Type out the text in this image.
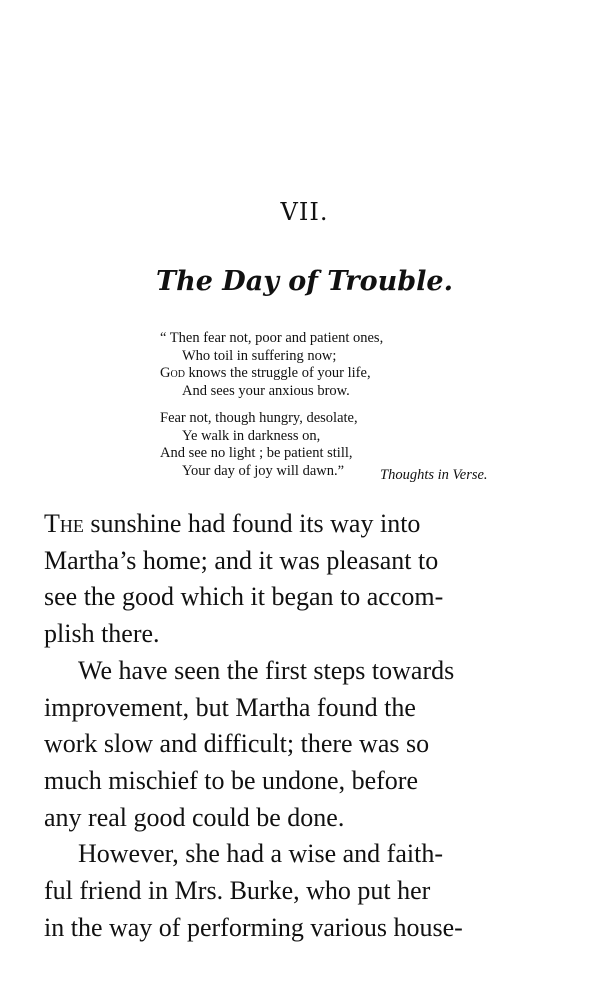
VII.
The Day of Trouble.
“ Then fear not, poor and patient ones,
Who toil in suffering now;
God knows the struggle of your life,
And sees your anxious brow.
Fear not, though hungry, desolate,
Ye walk in darkness on,
And see no light ; be patient still,
Your day of joy will dawn.”	Thoughts in Verse.
The sunshine had found its way into
Martha’s home; and it was pleasant to
see the good which it began to accom-
plish there.
We have seen the first steps towards
improvement, but Martha found the
work slow and difficult; there was so
much mischief to be undone, before
any real good could be done.
However, she had a wise and faith-
ful friend in Mrs. Burke, who put her
in the way of performing various house-
